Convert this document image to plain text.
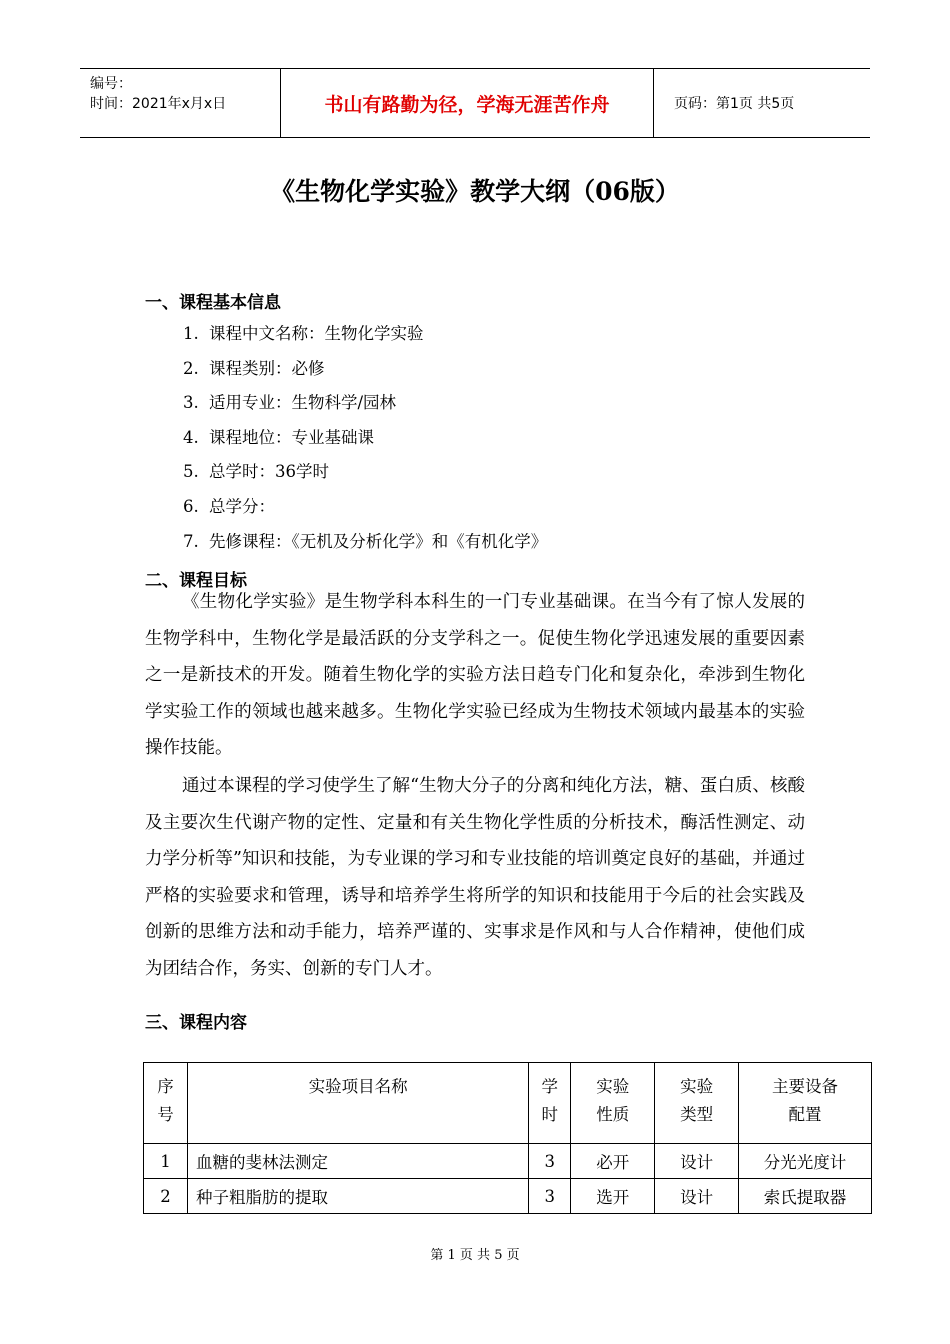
编号：
时间：2021年x月x日	书山有路勤为径，学海无涯苦作舟	页码：第1页 共5页
《生物化学实验》教学大纲（06版）
一、课程基本信息
1. 课程中文名称：生物化学实验
2. 课程类别：必修
3. 适用专业：生物科学/园林
4. 课程地位：专业基础课
5. 总学时：36学时
6. 总学分：
7. 先修课程：《无机及分析化学》和《有机化学》
二、课程目标
《生物化学实验》是生物学科本科生的一门专业基础课。在当今有了惊人发展的生物学科中，生物化学是最活跃的分支学科之一。促使生物化学迅速发展的重要因素之一是新技术的开发。随着生物化学的实验方法日趋专门化和复杂化，牵涉到生物化学实验工作的领域也越来越多。生物化学实验已经成为生物技术领域内最基本的实验操作技能。
通过本课程的学习使学生了解“生物大分子的分离和纯化方法，糖、蛋白质、核酸及主要次生代谢产物的定性、定量和有关生物化学性质的分析技术，酶活性测定、动力学分析等”知识和技能，为专业课的学习和专业技能的培训奠定良好的基础，并通过严格的实验要求和管理，诱导和培养学生将所学的知识和技能用于今后的社会实践及创新的思维方法和动手能力，培养严谨的、实事求是作风和与人合作精神，使他们成为团结合作，务实、创新的专门人才。
三、课程内容
序号	实验项目名称	学时	实验性质	实验类型	主要设备配置

1	血糖的斐林法测定	3	必开	设计	分光光度计
2	种子粗脂肪的提取	3	选开	设计	索氏提取器
第 1 页 共 5 页
